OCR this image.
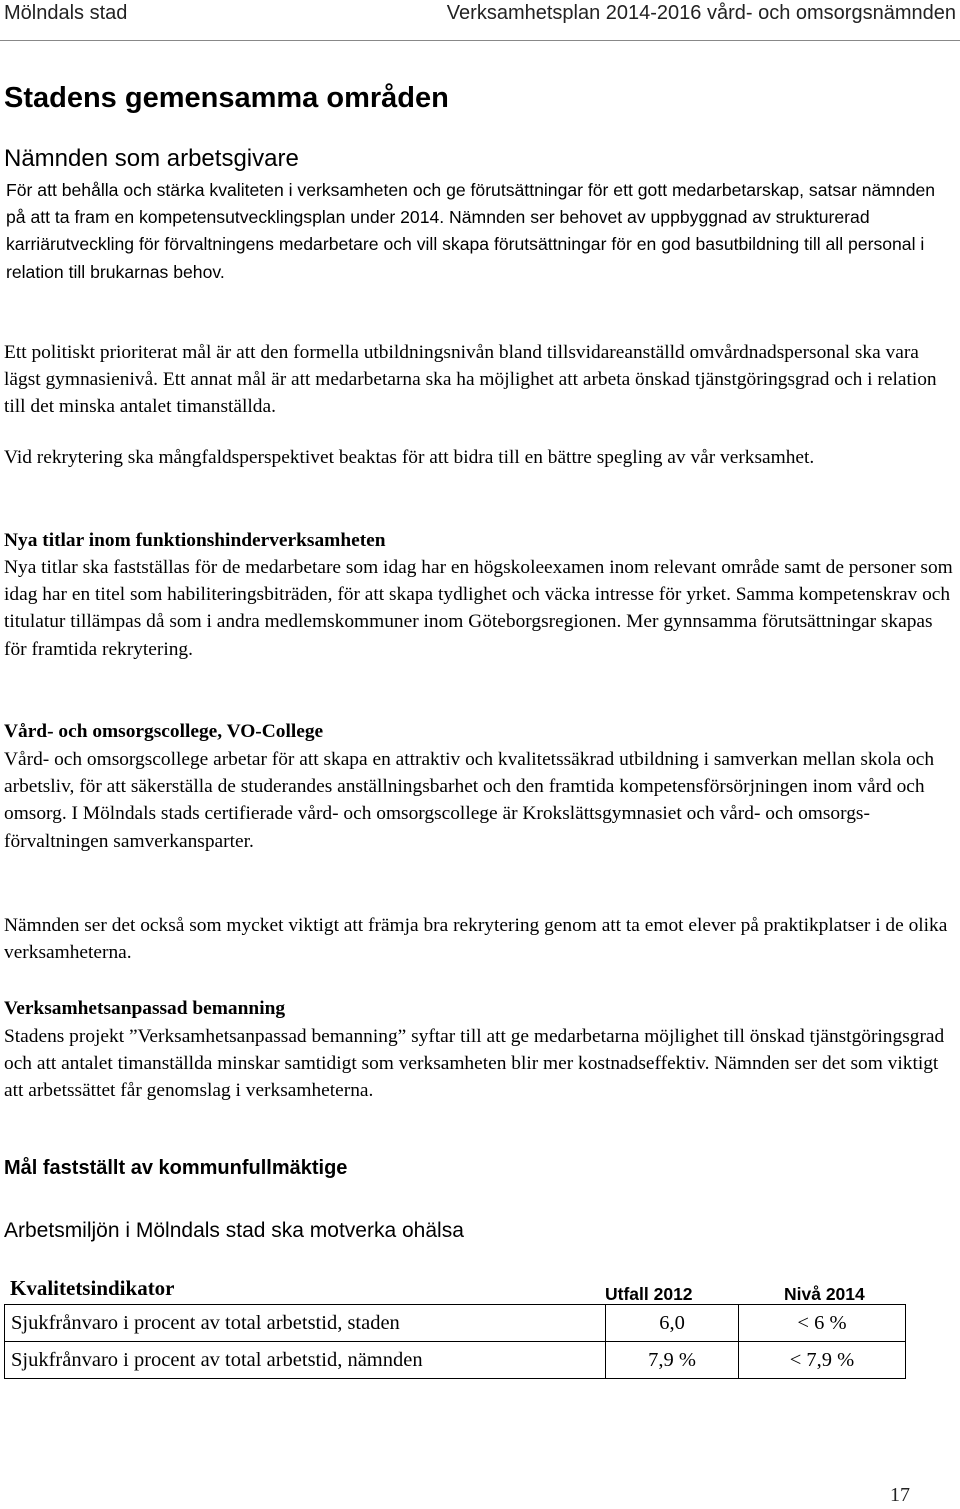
Mölndals stad	Verksamhetsplan 2014-2016 vård- och omsorgsnämnden
Stadens gemensamma områden
Nämnden som arbetsgivare
För att behålla och stärka kvaliteten i verksamheten och ge förutsättningar för ett gott medarbetarskap, satsar nämnden på att ta fram en kompetensutvecklingsplan under 2014. Nämnden ser behovet av uppbyggnad av strukturerad karriärutveckling för förvaltningens medarbetare och vill skapa förutsättningar för en god basutbildning till all personal i relation till brukarnas behov.
Ett politiskt prioriterat mål är att den formella utbildningsnivån bland tillsvidareanställd omvårdnadspersonal ska vara lägst gymnasienivå. Ett annat mål är att medarbetarna ska ha möjlighet att arbeta önskad tjänstgöringsgrad och i relation till det minska antalet timanställda.
Vid rekrytering ska mångfaldsperspektivet beaktas för att bidra till en bättre spegling av vår verksamhet.
Nya titlar inom funktionshinderverksamheten
Nya titlar ska fastställas för de medarbetare som idag har en högskoleexamen inom relevant område samt de personer som idag har en titel som habiliteringsbiträden, för att skapa tydlighet och väcka intresse för yrket. Samma kompetenskrav och titulatur tillämpas då som i andra medlemskommuner inom Göteborgsregionen. Mer gynnsamma förutsättningar skapas för framtida rekrytering.
Vård- och omsorgscollege, VO-College
Vård- och omsorgscollege arbetar för att skapa en attraktiv och kvalitetssäkrad utbildning i samverkan mellan skola och arbetsliv, för att säkerställa de studerandes anställningsbarhet och den framtida kompetensförsörjningen inom vård och omsorg. I Mölndals stads certifierade vård- och omsorgscollege är Krokslättsgymnasiet och vård- och omsorgs-förvaltningen samverkansparter.
Nämnden ser det också som mycket viktigt att främja bra rekrytering genom att ta emot elever på praktikplatser i de olika verksamheterna.
Verksamhetsanpassad bemanning
Stadens projekt ”Verksamhetsanpassad bemanning” syftar till att ge medarbetarna möjlighet till önskad tjänstgöringsgrad och att antalet timanställda minskar samtidigt som verksamheten blir mer kostnadseffektiv. Nämnden ser det som viktigt att arbetssättet får genomslag i verksamheterna.
Mål fastställt av kommunfullmäktige
Arbetsmiljön i Mölndals stad ska motverka ohälsa
Kvalitetsindikator	Utfall 2012	Nivå 2014
Sjukfrånvaro i procent av total arbetstid, staden	6,0	< 6 %
Sjukfrånvaro i procent av total arbetstid, nämnden	7,9 %	< 7,9 %
17
